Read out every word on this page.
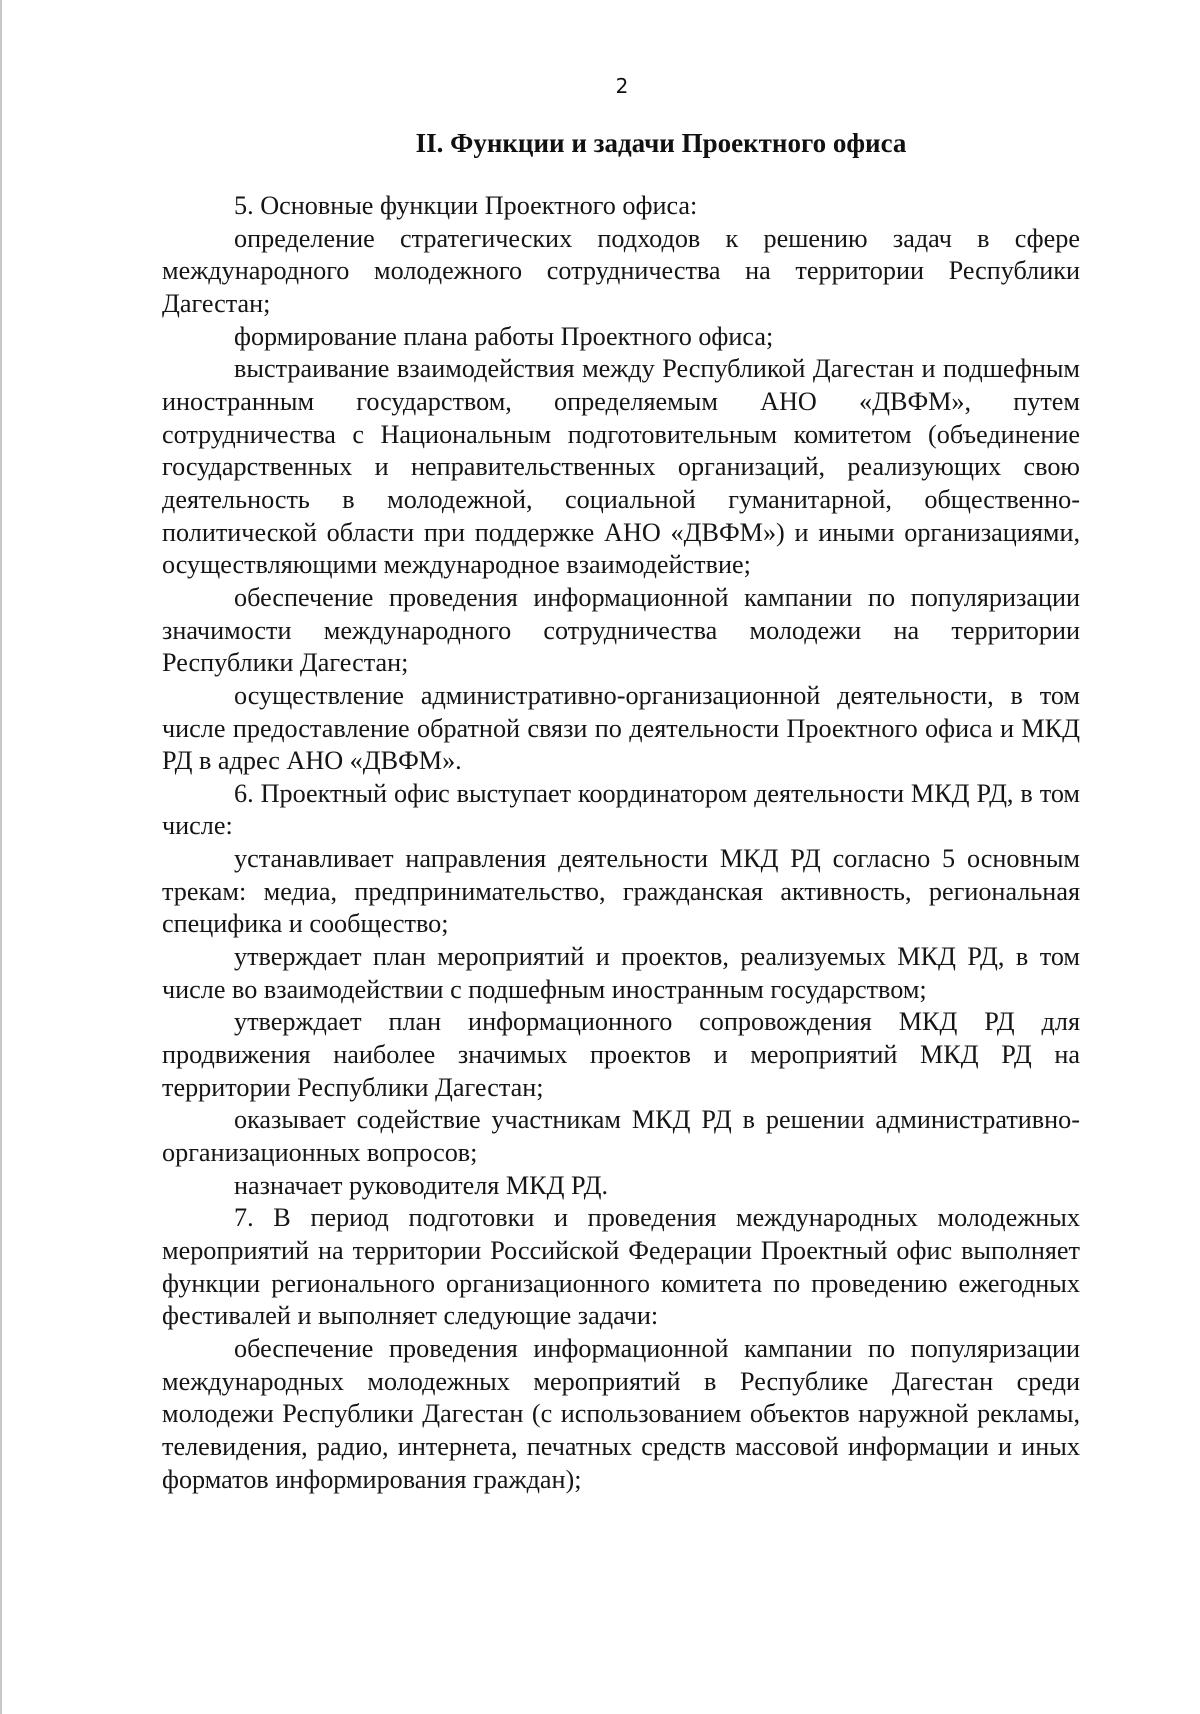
2
II. Функции и задачи Проектного офиса

5. Основные функции Проектного офиса:

определение стратегических подходов к решению задач в сфере международного молодежного сотрудничества на территории Республики Дагестан;

формирование плана работы Проектного офиса;

выстраивание взаимодействия между Республикой Дагестан и подшефным иностранным государством, определяемым АНО «ДВФМ», путем сотрудничества с Национальным подготовительным комитетом (объединение государственных и неправительственных организаций, реализующих свою деятельность в молодежной, социальной гуманитарной, общественно-политической области при поддержке АНО «ДВФМ») и иными организациями, осуществляющими международное взаимодействие;

обеспечение проведения информационной кампании по популяризации значимости международного сотрудничества молодежи на территории Республики Дагестан;

осуществление административно-организационной деятельности, в том числе предоставление обратной связи по деятельности Проектного офиса и МКД РД в адрес АНО «ДВФМ».

6. Проектный офис выступает координатором деятельности МКД РД, в том числе:

устанавливает направления деятельности МКД РД согласно 5 основным трекам: медиа, предпринимательство, гражданская активность, региональная специфика и сообщество;

утверждает план мероприятий и проектов, реализуемых МКД РД, в том числе во взаимодействии с подшефным иностранным государством;

утверждает план информационного сопровождения МКД РД для продвижения наиболее значимых проектов и мероприятий МКД РД на территории Республики Дагестан;

оказывает содействие участникам МКД РД в решении административно-организационных вопросов;

назначает руководителя МКД РД.

7. В период подготовки и проведения международных молодежных мероприятий на территории Российской Федерации Проектный офис выполняет функции регионального организационного комитета по проведению ежегодных фестивалей и выполняет следующие задачи:

обеспечение проведения информационной кампании по популяризации международных молодежных мероприятий в Республике Дагестан среди молодежи Республики Дагестан (с использованием объектов наружной рекламы, телевидения, радио, интернета, печатных средств массовой информации и иных форматов информирования граждан);
